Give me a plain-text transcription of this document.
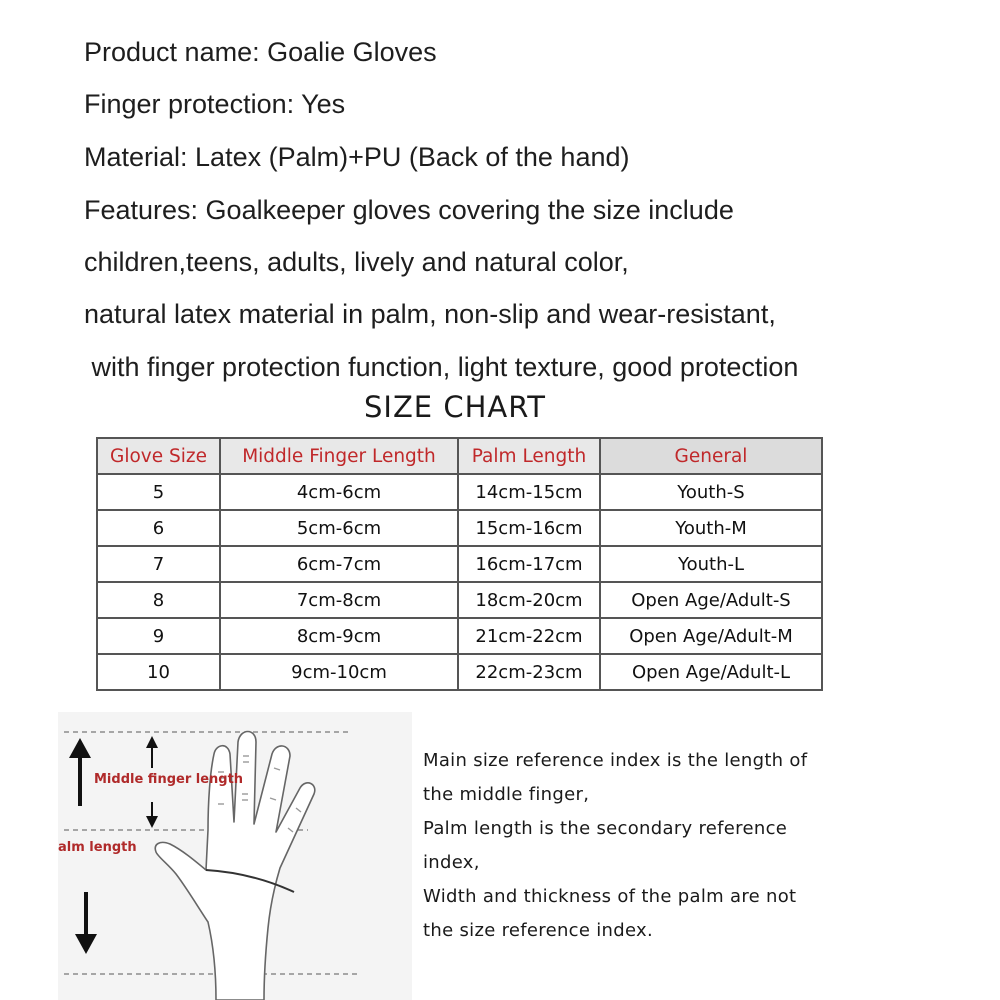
Product name: Goalie Gloves
Finger protection: Yes
Material: Latex (Palm)+PU (Back of the hand)
Features: Goalkeeper gloves covering the size include
children,teens, adults, lively and natural color,
natural latex material in palm, non-slip and wear-resistant,
with finger protection function, light texture, good protection
SIZE CHART
Glove Size	Middle Finger Length	Palm Length	General
5	4cm-6cm	14cm-15cm	Youth-S
6	5cm-6cm	15cm-16cm	Youth-M
7	6cm-7cm	16cm-17cm	Youth-L
8	7cm-8cm	18cm-20cm	Open Age/Adult-S
9	8cm-9cm	21cm-22cm	Open Age/Adult-M
10	9cm-10cm	22cm-23cm	Open Age/Adult-L
Middle finger length
alm length
Main size reference index is the length of
the middle finger,
Palm length is the secondary reference
index,
Width and thickness of the palm are not
the size reference index.
